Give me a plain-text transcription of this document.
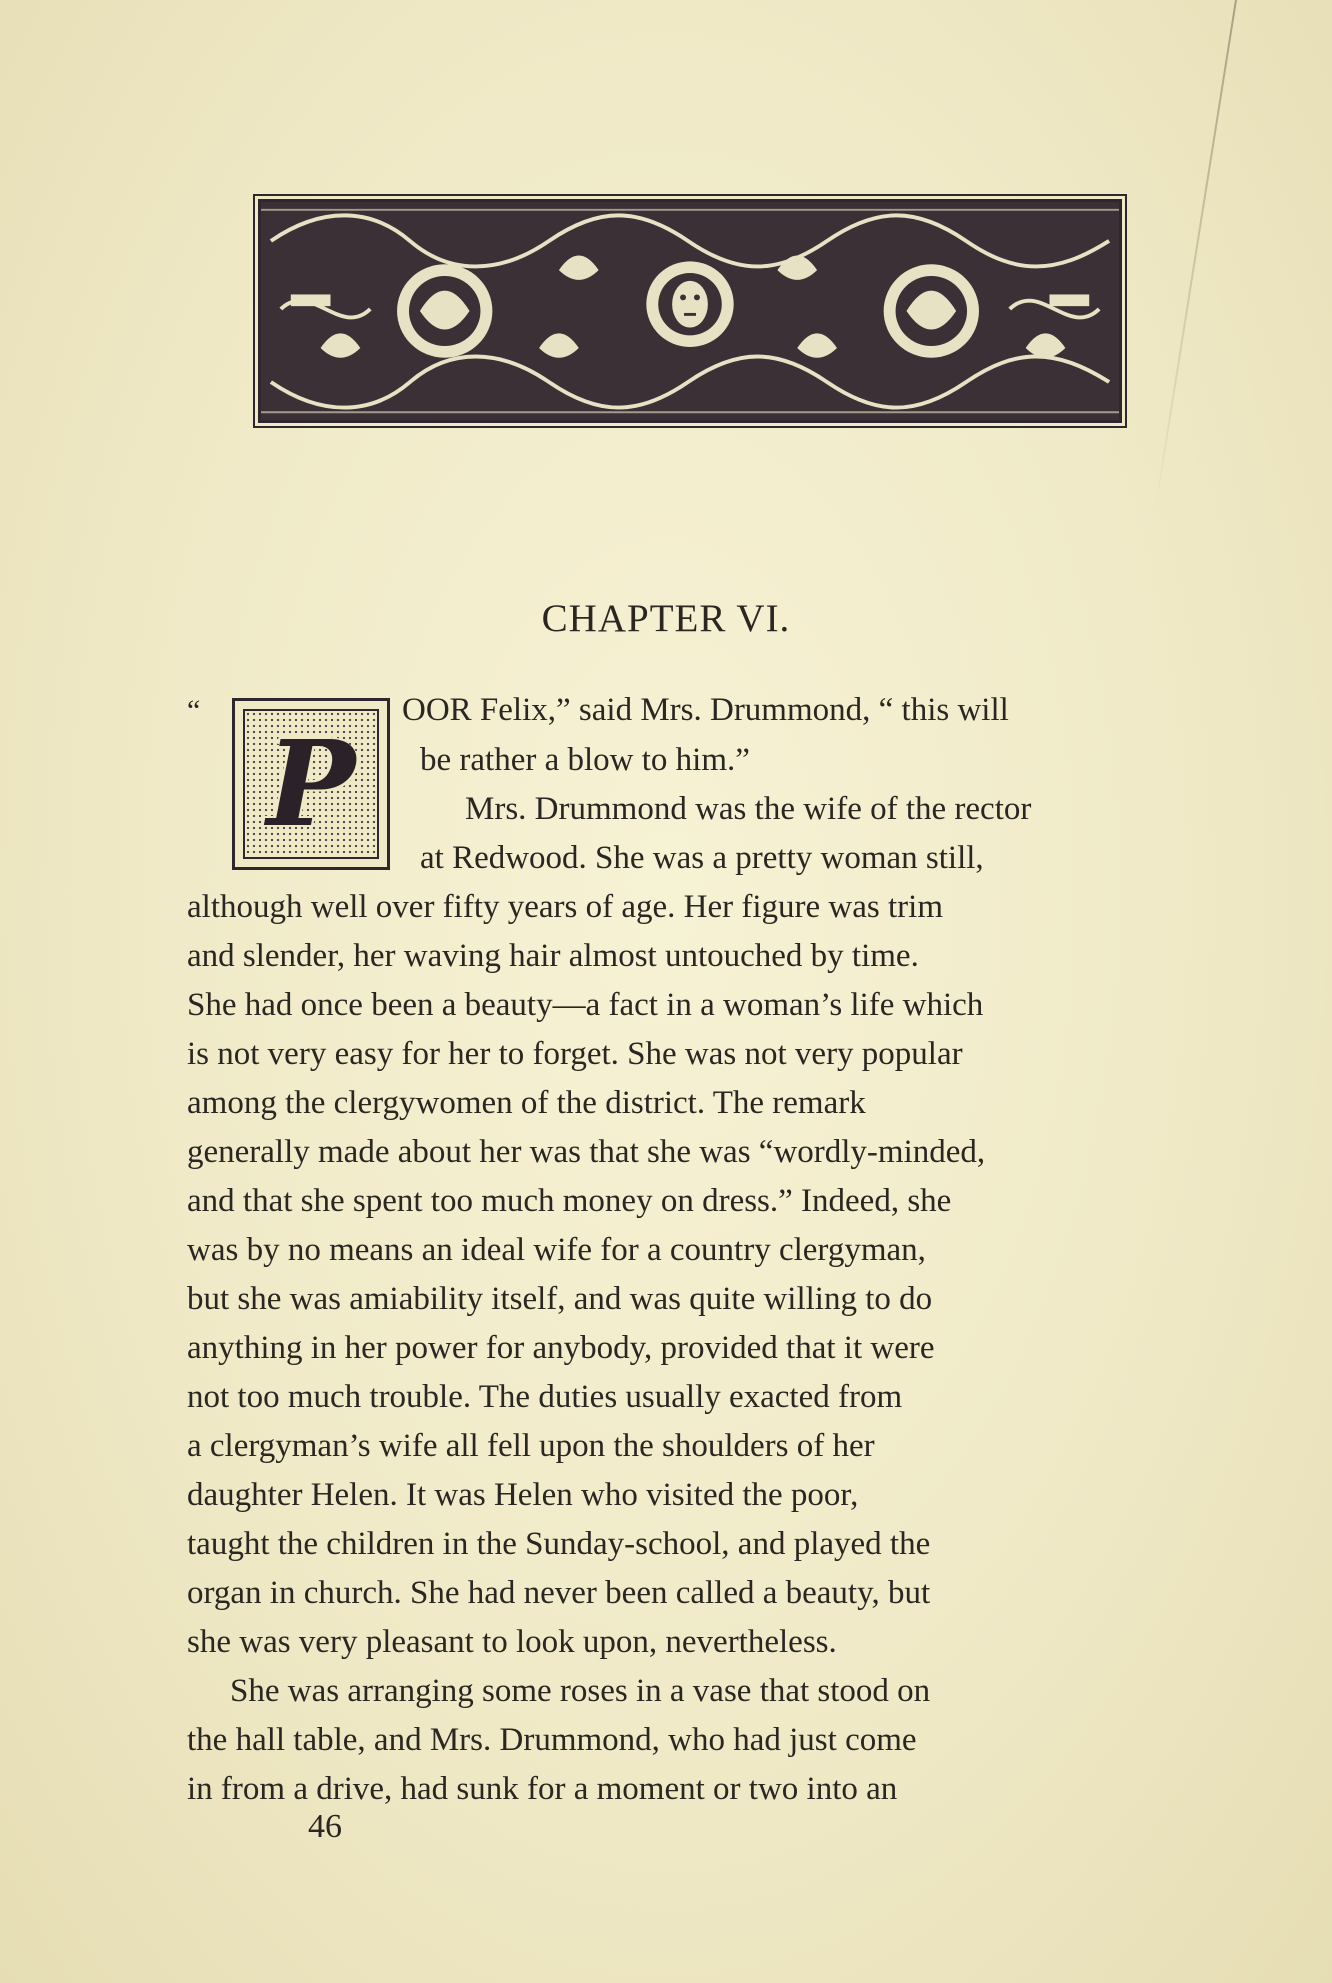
CHAPTER VI.
“
P
OOR Felix,” said Mrs. Drummond, “ this will
be rather a blow to him.”
Mrs. Drummond was the wife of the rector
at Redwood. She was a pretty woman still,
although well over fifty years of age. Her figure was trim
and slender, her waving hair almost untouched by time.
She had once been a beauty—a fact in a woman’s life which
is not very easy for her to forget. She was not very popular
among the clergywomen of the district. The remark
generally made about her was that she was “wordly-minded,
and that she spent too much money on dress.” Indeed, she
was by no means an ideal wife for a country clergyman,
but she was amiability itself, and was quite willing to do
anything in her power for anybody, provided that it were
not too much trouble. The duties usually exacted from
a clergyman’s wife all fell upon the shoulders of her
daughter Helen. It was Helen who visited the poor,
taught the children in the Sunday-school, and played the
organ in church. She had never been called a beauty, but
she was very pleasant to look upon, nevertheless.
She was arranging some roses in a vase that stood on
the hall table, and Mrs. Drummond, who had just come
in from a drive, had sunk for a moment or two into an
46
